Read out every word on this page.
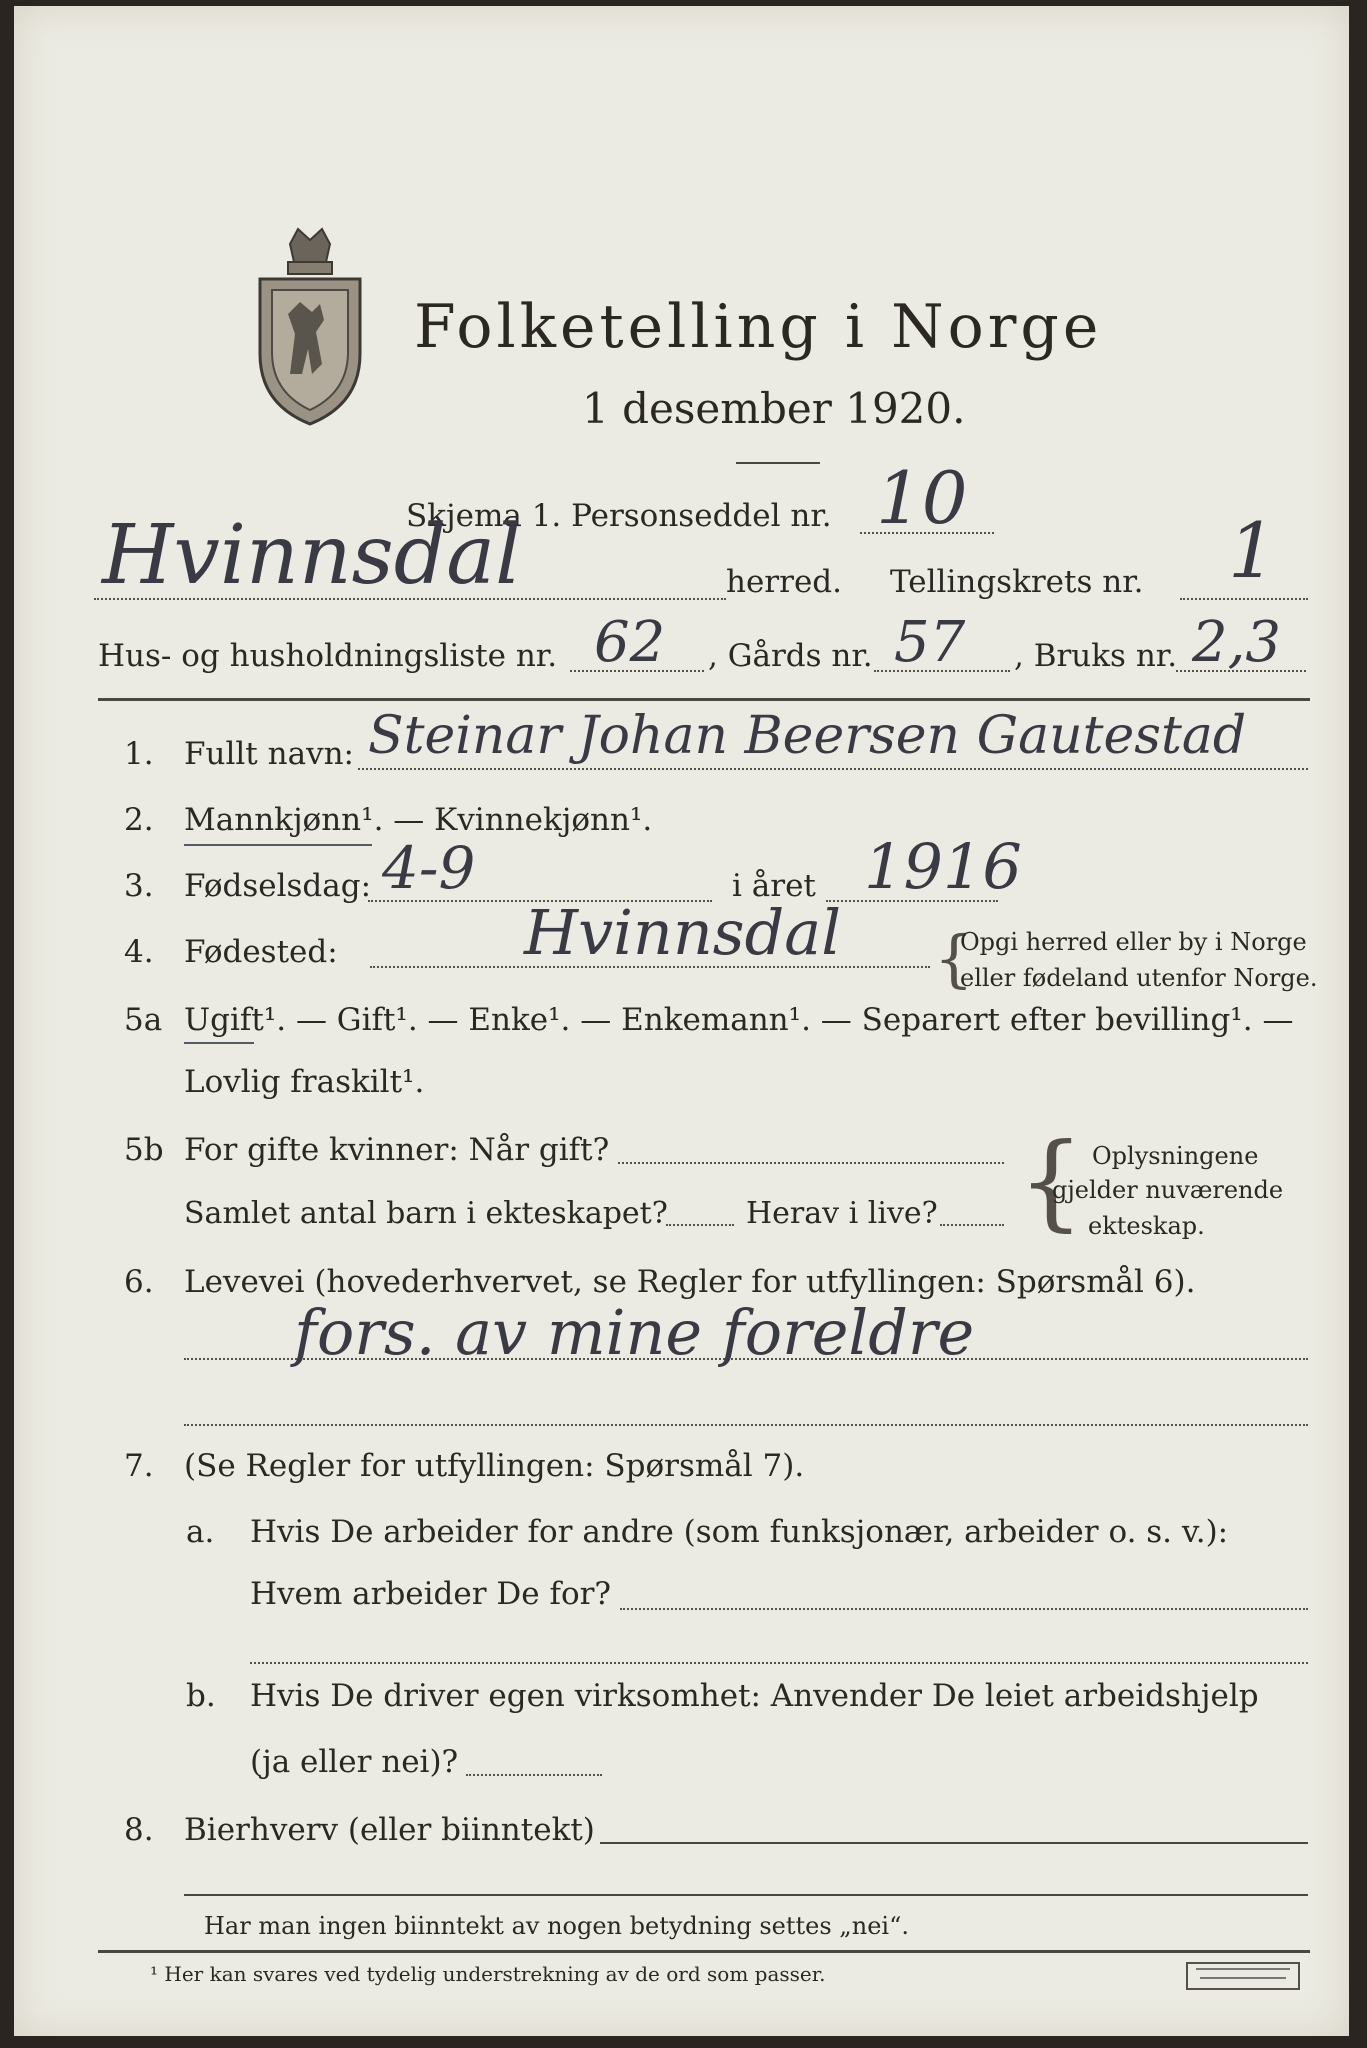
Folketelling i Norge
1 desember 1920.
Skjema 1. Personseddel nr. 10
Hvinnsdal	herred. Tellingskrets nr. 1
Hus- og husholdningsliste nr. 62 , Gårds nr. 57 , Bruks nr. 2,3
1. Fullt navn: Steinar Johan Beersen Gautestad
2. Mannkjønn¹. — Kvinnekjønn¹.
3. Fødselsdag: 4-9	i året 1916
4. Fødested:	Hvinnsdal {
Opgi herred eller by i Norge
eller fødeland utenfor Norge.
5a Ugift¹. — Gift¹. — Enke¹. — Enkemann¹. — Separert efter bevilling¹. —
Lovlig fraskilt¹.
5b For gifte kvinner: Når gift?
Samlet antal barn i ekteskapet?	Herav i live? { Oplysningene
gjelder nuværende
ekteskap.
6. Levevei (hovederhvervet, se Regler for utfyllingen: Spørsmål 6).
fors. av mine foreldre
7. (Se Regler for utfyllingen: Spørsmål 7).
a. Hvis De arbeider for andre (som funksjonær, arbeider o. s. v.):
Hvem arbeider De for?
b. Hvis De driver egen virksomhet: Anvender De leiet arbeidshjelp
(ja eller nei)?
8. Bierhverv (eller biinntekt)
Har man ingen biinntekt av nogen betydning settes „nei“.
¹ Her kan svares ved tydelig understrekning av de ord som passer.
